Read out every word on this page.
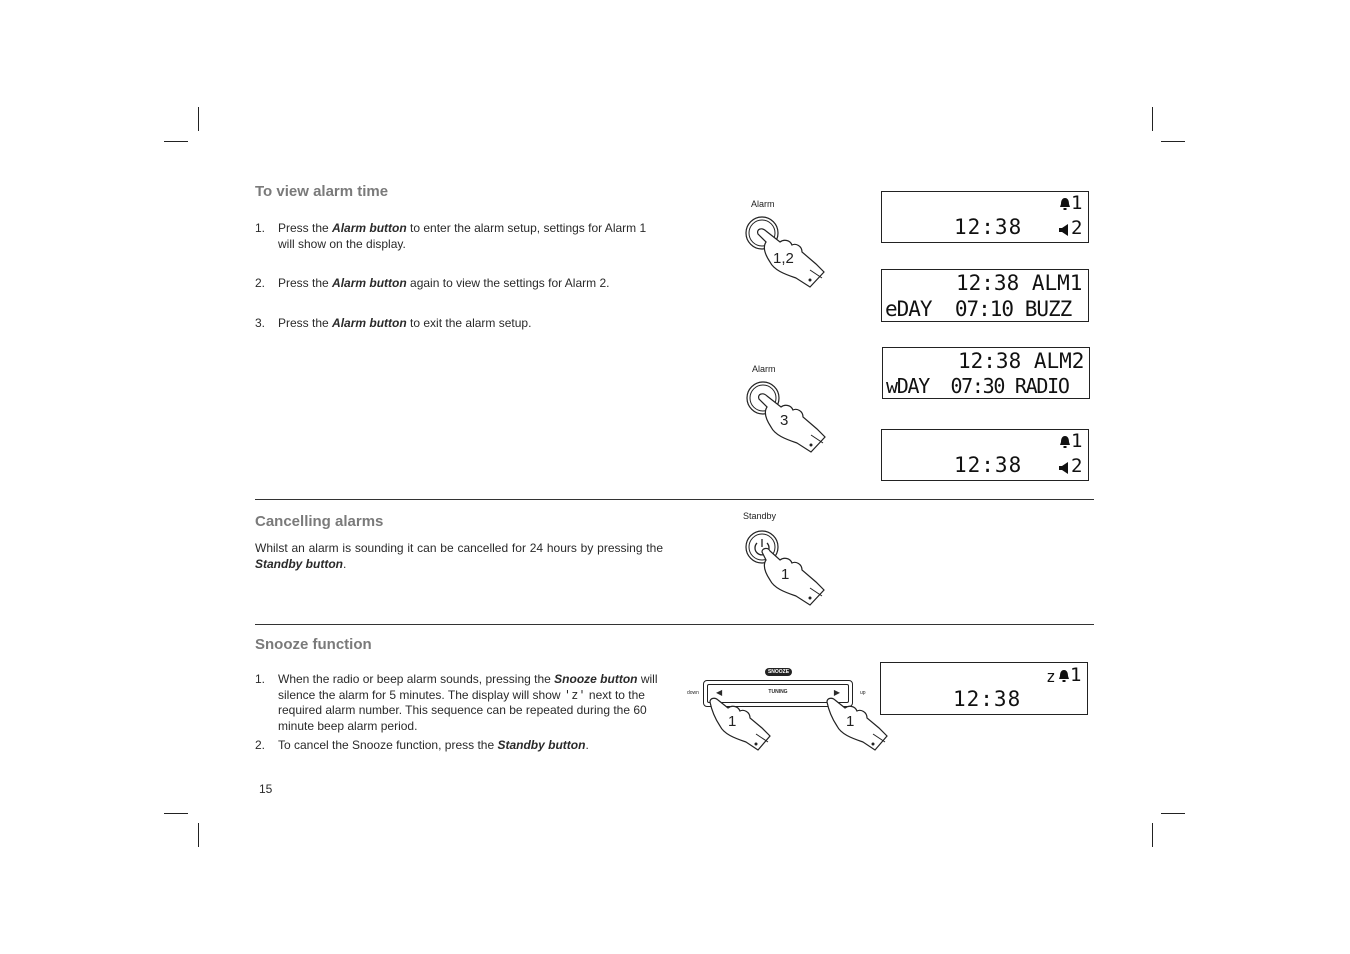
To view alarm time
1. Press the Alarm button to enter the alarm setup, settings for Alarm 1 will show on the display.
2. Press the Alarm button again to view the settings for Alarm 2.
3. Press the Alarm button to exit the alarm setup.
Alarm
1,2
Alarm
3
1
12:38	2
12:38 ALM1
eDAY  07:10 BUZZ
12:38 ALM2
wDAY  07:30 RADIO
1
12:38	2
Cancelling alarms

Whilst an alarm is sounding it can be cancelled for 24 hours by pressing the Standby button.

Standby
1
Snooze function
1. When the radio or beep alarm sounds, pressing the Snooze button will silence the alarm for 5 minutes. The display will show 'z' next to the required alarm number. This sequence can be repeated during the 60 minute beep alarm period.
2. To cancel the Snooze function, press the Standby button.
SNOOZE
◀	TUNING	▶
down	up
1	1
z 1
12:38
15
